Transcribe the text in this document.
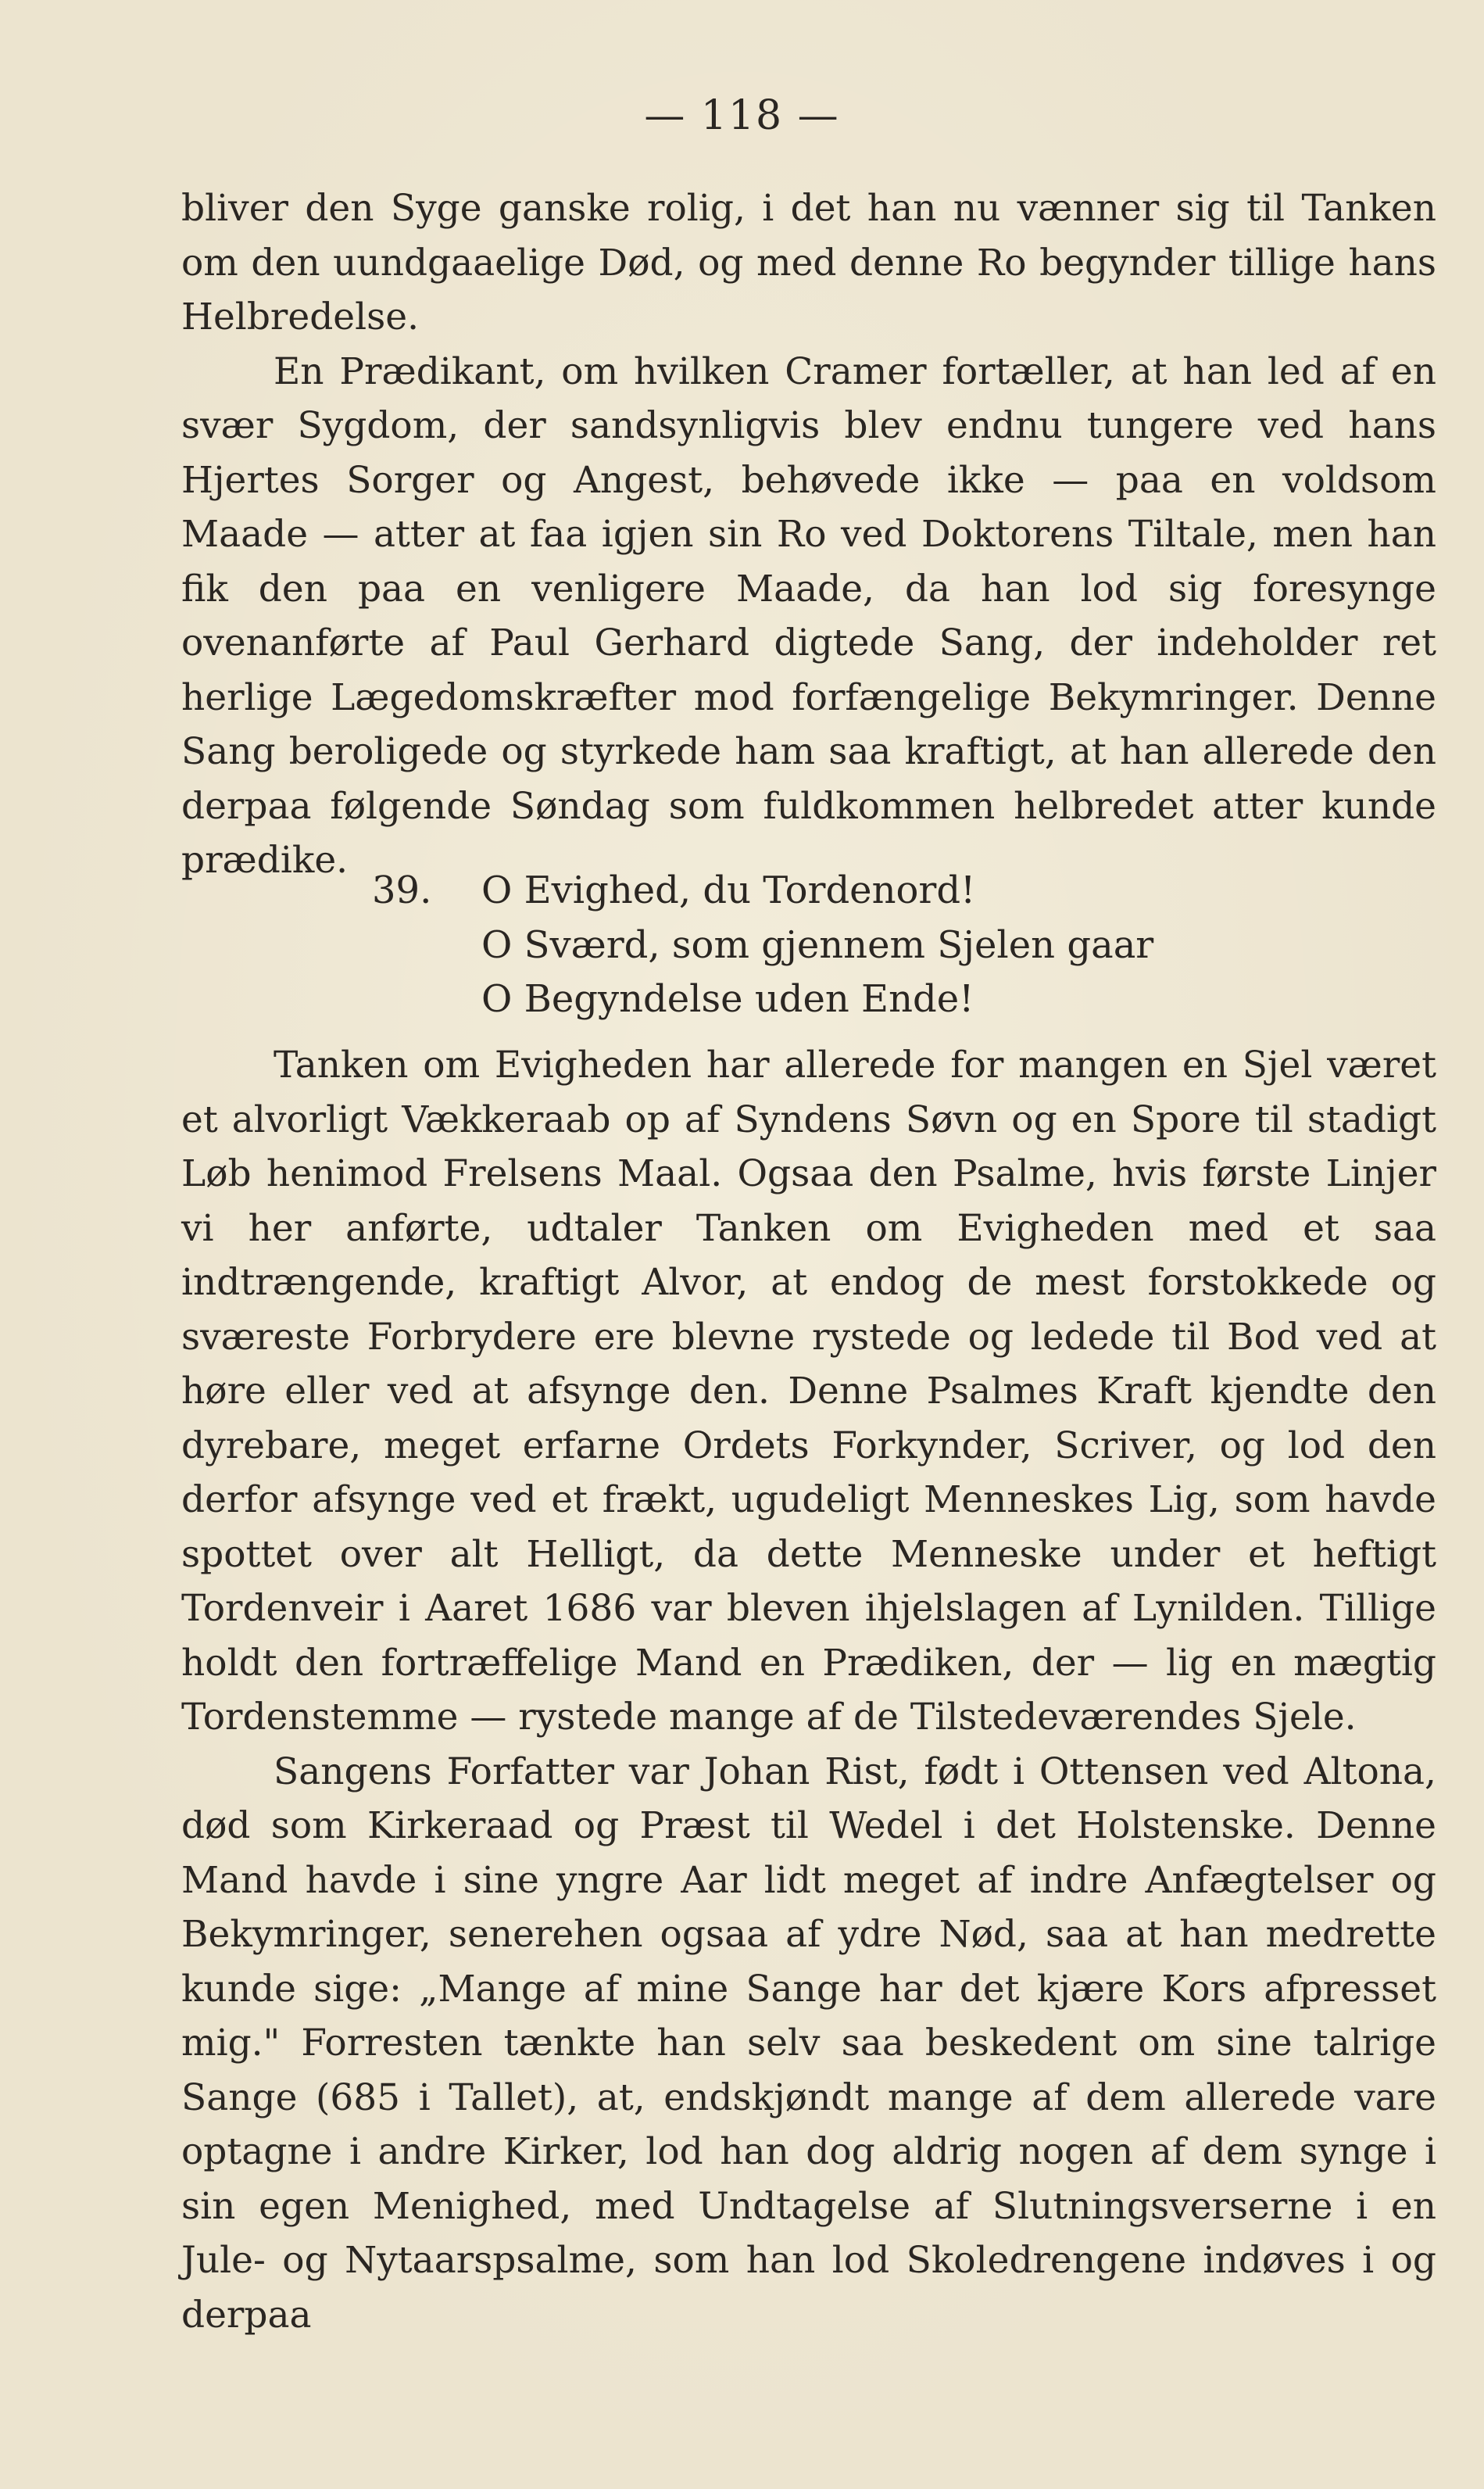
— 118 —

bliver den Syge ganske rolig, i det han nu vænner sig til Tanken om den uundgaaelige Død, og med denne Ro begynder tillige hans Helbredelse.

En Prædikant, om hvilken Cramer fortæller, at han led af en svær Sygdom, der sandsynligvis blev endnu tungere ved hans Hjertes Sorger og Angest, behøvede ikke — paa en voldsom Maade — atter at faa igjen sin Ro ved Doktorens Tiltale, men han fik den paa en venligere Maade, da han lod sig foresynge ovenanførte af Paul Gerhard digtede Sang, der indeholder ret herlige Lægedomskræfter mod forfængelige Bekymringer. Denne Sang beroligede og styrkede ham saa kraftigt, at han allerede den derpaa følgende Søndag som fuldkommen helbredet atter kunde prædike.

39. O Evighed, du Tordenord!
O Sværd, som gjennem Sjelen gaar
O Begyndelse uden Ende!

Tanken om Evigheden har allerede for mangen en Sjel været et alvorligt Vækkeraab op af Syndens Søvn og en Spore til stadigt Løb henimod Frelsens Maal. Ogsaa den Psalme, hvis første Linjer vi her anførte, udtaler Tanken om Evigheden med et saa indtrængende, kraftigt Alvor, at endog de mest forstokkede og sværeste Forbrydere ere blevne rystede og ledede til Bod ved at høre eller ved at afsynge den. Denne Psalmes Kraft kjendte den dyrebare, meget erfarne Ordets Forkynder, Scriver, og lod den derfor afsynge ved et frækt, ugudeligt Menneskes Lig, som havde spottet over alt Helligt, da dette Menneske under et heftigt Tordenveir i Aaret 1686 var bleven ihjelslagen af Lynilden. Tillige holdt den fortræffelige Mand en Prædiken, der — lig en mægtig Tordenstemme — rystede mange af de Tilstedeværendes Sjele.

Sangens Forfatter var Johan Rist, født i Ottensen ved Altona, død som Kirkeraad og Præst til Wedel i det Holstenske. Denne Mand havde i sine yngre Aar lidt meget af indre Anfægtelser og Bekymringer, senerehen ogsaa af ydre Nød, saa at han medrette kunde sige: „Mange af mine Sange har det kjære Kors afpresset mig." Forresten tænkte han selv saa beskedent om sine talrige Sange (685 i Tallet), at, endskjøndt mange af dem allerede vare optagne i andre Kirker, lod han dog aldrig nogen af dem synge i sin egen Menighed, med Undtagelse af Slutningsverserne i en Jule- og Nytaarspsalme, som han lod Skoledrengene indøves i og derpaa
